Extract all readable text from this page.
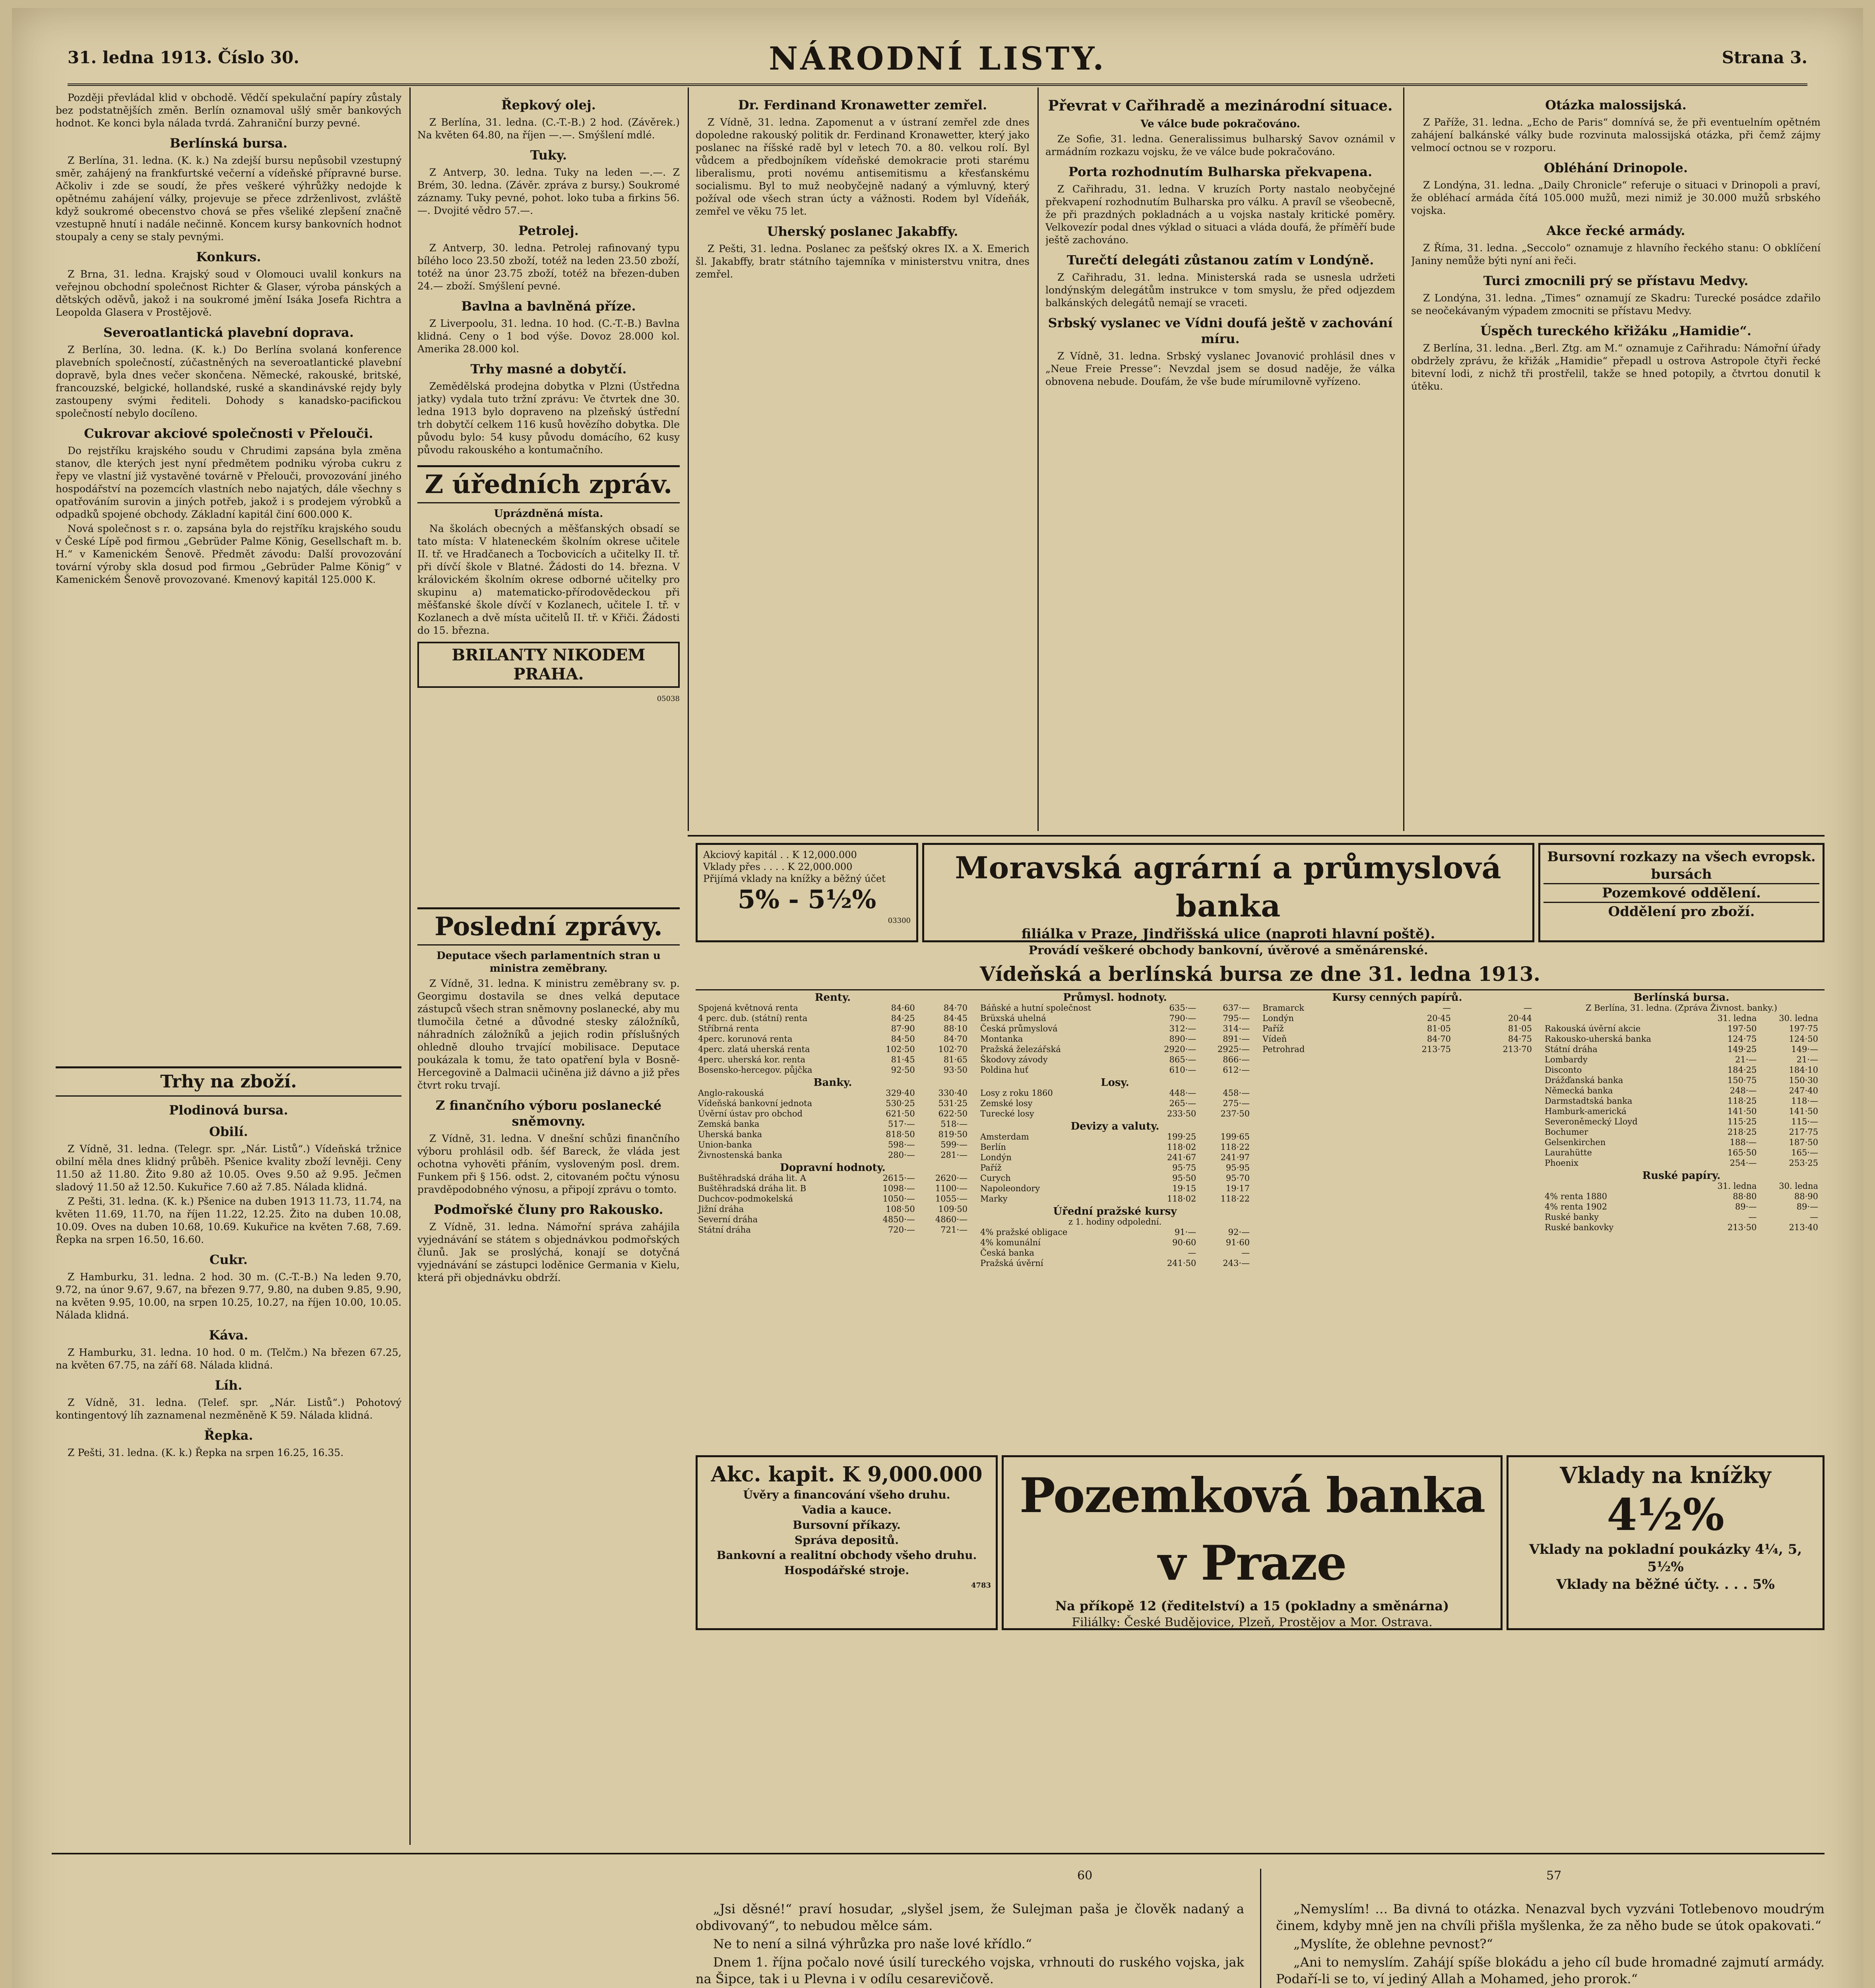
31. ledna 1913. Číslo 30.	NÁRODNÍ LISTY.	Strana 3.

Později převládal klid v obchodě. Vědčí spekulační papíry zůstaly bez podstatnějších změn. Berlín oznamoval ušlý směr bankových hodnot. Ke konci byla nálada tvrdá. Zahraniční burzy pevné.

Berlínská bursa.

Z Berlína, 31. ledna. (K. k.) Na zdejší bursu nepůsobil vzestupný směr, zahájený na frankfurtské večerní a vídeňské přípravné burse. Ačkoliv i zde se soudí, že přes veškeré výhrůžky nedojde k opětnému zahájení války, projevuje se přece zdrženlivost, zvláště když soukromé obecenstvo chová se přes všeliké zlepšení značně vzestupně hnutí i nadále nečinně. Koncem kursy bankovních hodnot stoupaly a ceny se staly pevnými.

Konkurs.

Z Brna, 31. ledna. Krajský soud v Olomouci uvalil konkurs na veřejnou obchodní společnost Richter & Glaser, výroba pánských a dětských oděvů, jakož i na soukromé jmění Isáka Josefa Richtra a Leopolda Glasera v Prostějově.

Severoatlantická plavební doprava.

Z Berlína, 30. ledna. (K. k.) Do Berlína svolaná konference plavebních společností, zúčastněných na severoatlantické plavební dopravě, byla dnes večer skončena. Německé, rakouské, britské, francouzské, belgické, hollandské, ruské a skandinávské rejdy byly zastoupeny svými řediteli. Dohody s kanadsko-pacifickou společností nebylo docíleno.

Cukrovar akciové společnosti v Přelouči.

Do rejstříku krajského soudu v Chrudimi zapsána byla změna stanov, dle kterých jest nyní předmětem podniku výroba cukru z řepy ve vlastní již vystavěné továrně v Přelouči, provozování jiného hospodářství na pozemcích vlastních nebo najatých, dále všechny s opatřováním surovin a jiných potřeb, jakož i s prodejem výrobků a odpadků spojené obchody. Základní kapitál činí 600.000 K.

Nová společnost s r. o. zapsána byla do rejstříku krajského soudu v České Lípě pod firmou „Gebrüder Palme König, Gesellschaft m. b. H.“ v Kamenickém Šenově. Předmět závodu: Další provozování tovární výroby skla dosud pod firmou „Gebrüder Palme König“ v Kamenickém Šenově provozované. Kmenový kapitál 125.000 K.

Trhy na zboží.
Plodinová bursa.
Obilí.

Z Vídně, 31. ledna. (Telegr. spr. „Nár. Listů“.) Vídeňská tržnice obilní měla dnes klidný průběh. Pšenice kvality zboží levněji. Ceny 11.50 až 11.80. Žito 9.80 až 10.05. Oves 9.50 až 9.95. Ječmen sladový 11.50 až 12.50. Kukuřice 7.60 až 7.85. Nálada klidná.

Z Pešti, 31. ledna. (K. k.) Pšenice na duben 1913 11.73, 11.74, na květen 11.69, 11.70, na říjen 11.22, 12.25. Žito na duben 10.08, 10.09. Oves na duben 10.68, 10.69. Kukuřice na květen 7.68, 7.69. Řepka na srpen 16.50, 16.60.

Cukr.

Z Hamburku, 31. ledna. 2 hod. 30 m. (C.-T.-B.) Na leden 9.70, 9.72, na únor 9.67, 9.67, na březen 9.77, 9.80, na duben 9.85, 9.90, na květen 9.95, 10.00, na srpen 10.25, 10.27, na říjen 10.00, 10.05. Nálada klidná.

Káva.

Z Hamburku, 31. ledna. 10 hod. 0 m. (Telčm.) Na březen 67.25, na květen 67.75, na září 68. Nálada klidná.

Líh.

Z Vídně, 31. ledna. (Telef. spr. „Nár. Listů“.) Pohotový kontingentový líh zaznamenal nezměněně K 59. Nálada klidná.

Řepka.

Z Pešti, 31. ledna. (K. k.) Řepka na srpen 16.25, 16.35.

Řepkový olej.

Z Berlína, 31. ledna. (C.-T.-B.) 2 hod. (Závěrek.) Na květen 64.80, na říjen —.—. Smýšlení mdlé.

Tuky.

Z Antverp, 30. ledna. Tuky na leden —.—. Z Brém, 30. ledna. (Závěr. zpráva z bursy.) Soukromé záznamy. Tuky pevné, pohot. loko tuba a firkins 56.—. Dvojité vědro 57.—.

Petrolej.

Z Antverp, 30. ledna. Petrolej rafinovaný typu bílého loco 23.50 zboží, totéž na leden 23.50 zboží, totéž na únor 23.75 zboží, totéž na březen-duben 24.— zboží. Smýšlení pevné.

Bavlna a bavlněná příze.

Z Liverpoolu, 31. ledna. 10 hod. (C.-T.-B.) Bavlna klidná. Ceny o 1 bod výše. Dovoz 28.000 kol. Amerika 28.000 kol.

Trhy masné a dobytčí.

Zemědělská prodejna dobytka v Plzni (Ústředna jatky) vydala tuto tržní zprávu: Ve čtvrtek dne 30. ledna 1913 bylo dopraveno na plzeňský ústřední trh dobytčí celkem 116 kusů hovězího dobytka. Dle původu bylo: 54 kusy původu domácího, 62 kusy původu rakouského a kontumačního.

Z úředních zpráv.
Uprázdněná místa.

Na školách obecných a měšťanských obsadí se tato místa: V hlateneckém školním okrese učitele II. tř. ve Hradčanech a Tocbovicích a učitelky II. tř. při dívčí škole v Blatné. Žádosti do 14. března. V královickém školním okrese odborné učitelky pro skupinu a) matematicko-přírodovědeckou při měšťanské škole dívčí v Kozlanech, učitele I. tř. v Kozlanech a dvě místa učitelů II. tř. v Křiči. Žádosti do 15. března.

BRILANTY NIKODEM PRAHA.
05038
Dr. Ferdinand Kronawetter zemřel.

Z Vídně, 31. ledna. Zapomenut a v ústraní zemřel zde dnes dopoledne rakouský politik dr. Ferdinand Kronawetter, který jako poslanec na říšské radě byl v letech 70. a 80. velkou rolí. Byl vůdcem a předbojníkem vídeňské demokracie proti starému liberalismu, proti novému antisemitismu a křesťanskému socialismu. Byl to muž neobyčejně nadaný a výmluvný, který požíval ode všech stran úcty a vážnosti. Rodem byl Vídeňák, zemřel ve věku 75 let.

Uherský poslanec Jakabffy.

Z Pešti, 31. ledna. Poslanec za pešťský okres IX. a X. Emerich šl. Jakabffy, bratr státního tajemníka v ministerstvu vnitra, dnes zemřel.

Převrat v Cařihradě a mezinárodní situace.
Ve válce bude pokračováno.

Ze Sofie, 31. ledna. Generalissimus bulharský Savov oznámil v armádním rozkazu vojsku, že ve válce bude pokračováno.

Porta rozhodnutím Bulharska překvapena.

Z Cařihradu, 31. ledna. V kruzích Porty nastalo neobyčejné překvapení rozhodnutím Bulharska pro válku. A pravíl se všeobecně, že při prazdných pokladnách a u vojska nastaly kritické poměry. Velkovezír podal dnes výklad o situaci a vláda doufá, že příměří bude ještě zachováno.

Turečtí delegáti zůstanou zatím v Londýně.

Z Cařihradu, 31. ledna. Ministerská rada se usnesla udržeti londýnským delegátům instrukce v tom smyslu, že před odjezdem balkánských delegátů nemají se vraceti.

Srbský vyslanec ve Vídni doufá ještě v zachování míru.

Z Vídně, 31. ledna. Srbský vyslanec Jovanović prohlásil dnes v „Neue Freie Presse“: Nevzdal jsem se dosud naděje, že válka obnovena nebude. Doufám, že vše bude mírumilovně vyřízeno.

Otázka malossijská.

Z Paříže, 31. ledna. „Echo de Paris“ domnívá se, že při eventuelním opětném zahájení balkánské války bude rozvinuta malossijská otázka, při čemž zájmy velmocí octnou se v rozporu.

Obléhání Drinopole.

Z Londýna, 31. ledna. „Daily Chronicle“ referuje o situaci v Drinopoli a praví, že obléhací armáda čítá 105.000 mužů, mezi nimiž je 30.000 mužů srbského vojska.

Akce řecké armády.

Z Říma, 31. ledna. „Seccolo“ oznamuje z hlavního řeckého stanu: O obklíčení Janiny nemůže býti nyní ani řeči.

Turci zmocnili prý se přístavu Medvy.

Z Londýna, 31. ledna. „Times“ oznamují ze Skadru: Turecké posádce zdařilo se neočekávaným výpadem zmocniti se přístavu Medvy.

Úspěch tureckého křižáku „Hamidie“.

Z Berlína, 31. ledna. „Berl. Ztg. am M.“ oznamuje z Cařihradu: Námořní úřady obdržely zprávu, že křižák „Hamidie“ přepadl u ostrova Astropole čtyři řecké bitevní lodi, z nichž tři prostřelil, takže se hned potopily, a čtvrtou donutil k útěku.

Poslední zprávy.
Deputace všech parlamentních stran u ministra zeměbrany.

Z Vídně, 31. ledna. K ministru zeměbrany sv. p. Georgimu dostavila se dnes velká deputace zástupců všech stran sněmovny poslanecké, aby mu tlumočila četné a důvodné stesky záložníků, náhradních záložníků a jejich rodin příslušných ohledně dlouho trvající mobilisace. Deputace poukázala k tomu, že tato opatření byla v Bosně-Hercegovině a Dalmacii učiněna již dávno a již přes čtvrt roku trvají.

Z finančního výboru poslanecké sněmovny.

Z Vídně, 31. ledna. V dnešní schůzi finančního výboru prohlásil odb. šéf Bareck, že vláda jest ochotna vyhověti přáním, vysloveným posl. drem. Funkem při § 156. odst. 2, citovaném počtu výnosu pravděpodobného výnosu, a připojí zprávu o tomto.

Podmořské čluny pro Rakousko.

Z Vídně, 31. ledna. Námořní správa zahájila vyjednávání se státem s objednávkou podmořských člunů. Jak se proslýchá, konají se dotyčná vyjednávání se zástupci loděnice Germania v Kielu, která při objednávku obdrží.

Akciový kapitál . . K 12,000.000
Vklady přes . . . . K 22,000.000
Přijímá vklady na knížky a běžný účet
5% - 5½%
03300
Moravská agrární a průmyslová banka
filiálka v Praze, Jindřišská ulice (naproti hlavní poště).
Provádí veškeré obchody bankovní, úvěrové a směnárenské.
Bursovní rozkazy na všech evropsk. bursách
Pozemkové oddělení.
Oddělení pro zboží.
Vídeňská a berlínská bursa ze dne 31. ledna 1913.
Renty.		
Spojená květnová renta	84·60	84·70
4 perc. dub. (státní) renta	84·25	84·45
Stříbrná renta	87·90	88·10
4perc. korunová renta	84·50	84·70
4perc. zlatá uherská renta	102·50	102·70
4perc. uherská kor. renta	81·45	81·65
Bosensko-hercegov. půjčka	92·50	93·50
Banky.		
Anglo-rakouská	329·40	330·40
Vídeňská bankovní jednota	530·25	531·25
Úvěrní ústav pro obchod	621·50	622·50
Zemská banka	517·—	518·—
Uherská banka	818·50	819·50
Union-banka	598·—	599·—
Živnostenská banka	280·—	281·—
Dopravní hodnoty.		
Buštěhradská dráha lit. A	2615·—	2620·—
Buštěhradská dráha lit. B	1098·—	1100·—
Duchcov-podmokelská	1050·—	1055·—
Jižní dráha	108·50	109·50
Severní dráha	4850·—	4860·—
Státní dráha	720·—	721·—
Průmysl. hodnoty.		
Báňské a hutní společnost	635·—	637·—
Brüxská uhelná	790·—	795·—
Česká průmyslová	312·—	314·—
Montanka	890·—	891·—
Pražská železářská	2920·—	2925·—
Škodovy závody	865·—	866·—
Poldina huť	610·—	612·—
Losy.		
Losy z roku 1860	448·—	458·—
Zemské losy	265·—	275·—
Turecké losy	233·50	237·50
Devizy a valuty.		
Amsterdam	199·25	199·65
Berlín	118·02	118·22
Londýn	241·67	241·97
Paříž	95·75	95·95
Curych	95·50	95·70
Napoleondory	19·15	19·17
Marky	118·02	118·22
Úřední pražské kursy		
z 1. hodiny odpolední.		
4% pražské obligace	91·—	92·—
4% komunální	90·60	91·60
Česká banka	—	—
Pražská úvěrní	241·50	243·—
Kursy cenných papírů.		
Bramarck	—	—
Londýn	20·45	20·44
Paříž	81·05	81·05
Vídeň	84·70	84·75
Petrohrad	213·75	213·70
Berlínská bursa.		
Z Berlína, 31. ledna. (Zpráva Živnost. banky.)		
	31. ledna	30. ledna
Rakouská úvěrní akcie	197·50	197·75
Rakousko-uherská banka	124·75	124·50
Státní dráha	149·25	149·—
Lombardy	21·—	21·—
Disconto	184·25	184·10
Drážďanská banka	150·75	150·30
Německá banka	248·—	247·40
Darmstadtská banka	118·25	118·—
Hamburk-americká	141·50	141·50
Severoněmecký Lloyd	115·25	115·—
Bochumer	218·25	217·75
Gelsenkirchen	188·—	187·50
Laurahütte	165·50	165·—
Phoenix	254·—	253·25
Ruské papíry.		
	31. ledna	30. ledna
4% renta 1880	88·80	88·90
4% renta 1902	89·—	89·—
Ruské banky	—	—
Ruské bankovky	213·50	213·40
Akc. kapit. K 9,000.000
Úvěry a financování všeho druhu.
Vadia a kauce.
Bursovní příkazy.
Správa depositů.
Bankovní a realitní obchody všeho druhu. Hospodářské stroje.
4783
Pozemková banka v Praze
Na příkopě 12 (ředitelství) a 15 (pokladny a směnárna)
Filiálky: České Budějovice, Plzeň, Prostějov a Mor. Ostrava.
Vklady na knížky
4½%
Vklady na pokladní poukázky 4¼, 5, 5½%
Vklady na běžné účty. . . . 5%
60	57

„Jsi děsné!“ praví hosudar, „slyšel jsem, že Sulejman paša je člověk nadaný a obdivovaný“, to nebudou mělce sám.

Ne to není a silná výhrůzka pro naše lové křídlo.“

Dnem 1. října počalo nové úsilí tureckého vojska, vrhnouti do ruského vojska, jak na Šipce, tak i u Plevna i v odílu cesarevičově.

„Nemyslím! … Ba divná to otázka. Nenazval bych vyzváni Totlebenovo moudrým činem, kdyby mně jen na chvíli přišla myšlenka, že za něho bude se útok opakovati.“

„Myslíte, že oblehne pevnost?“

„Ani to nemyslím. Zahájí spíše blokádu a jeho cíl bude hromadné zajmutí armády. Podaří-li se to, ví jediný Allah a Mohamed, jeho prorok.“
